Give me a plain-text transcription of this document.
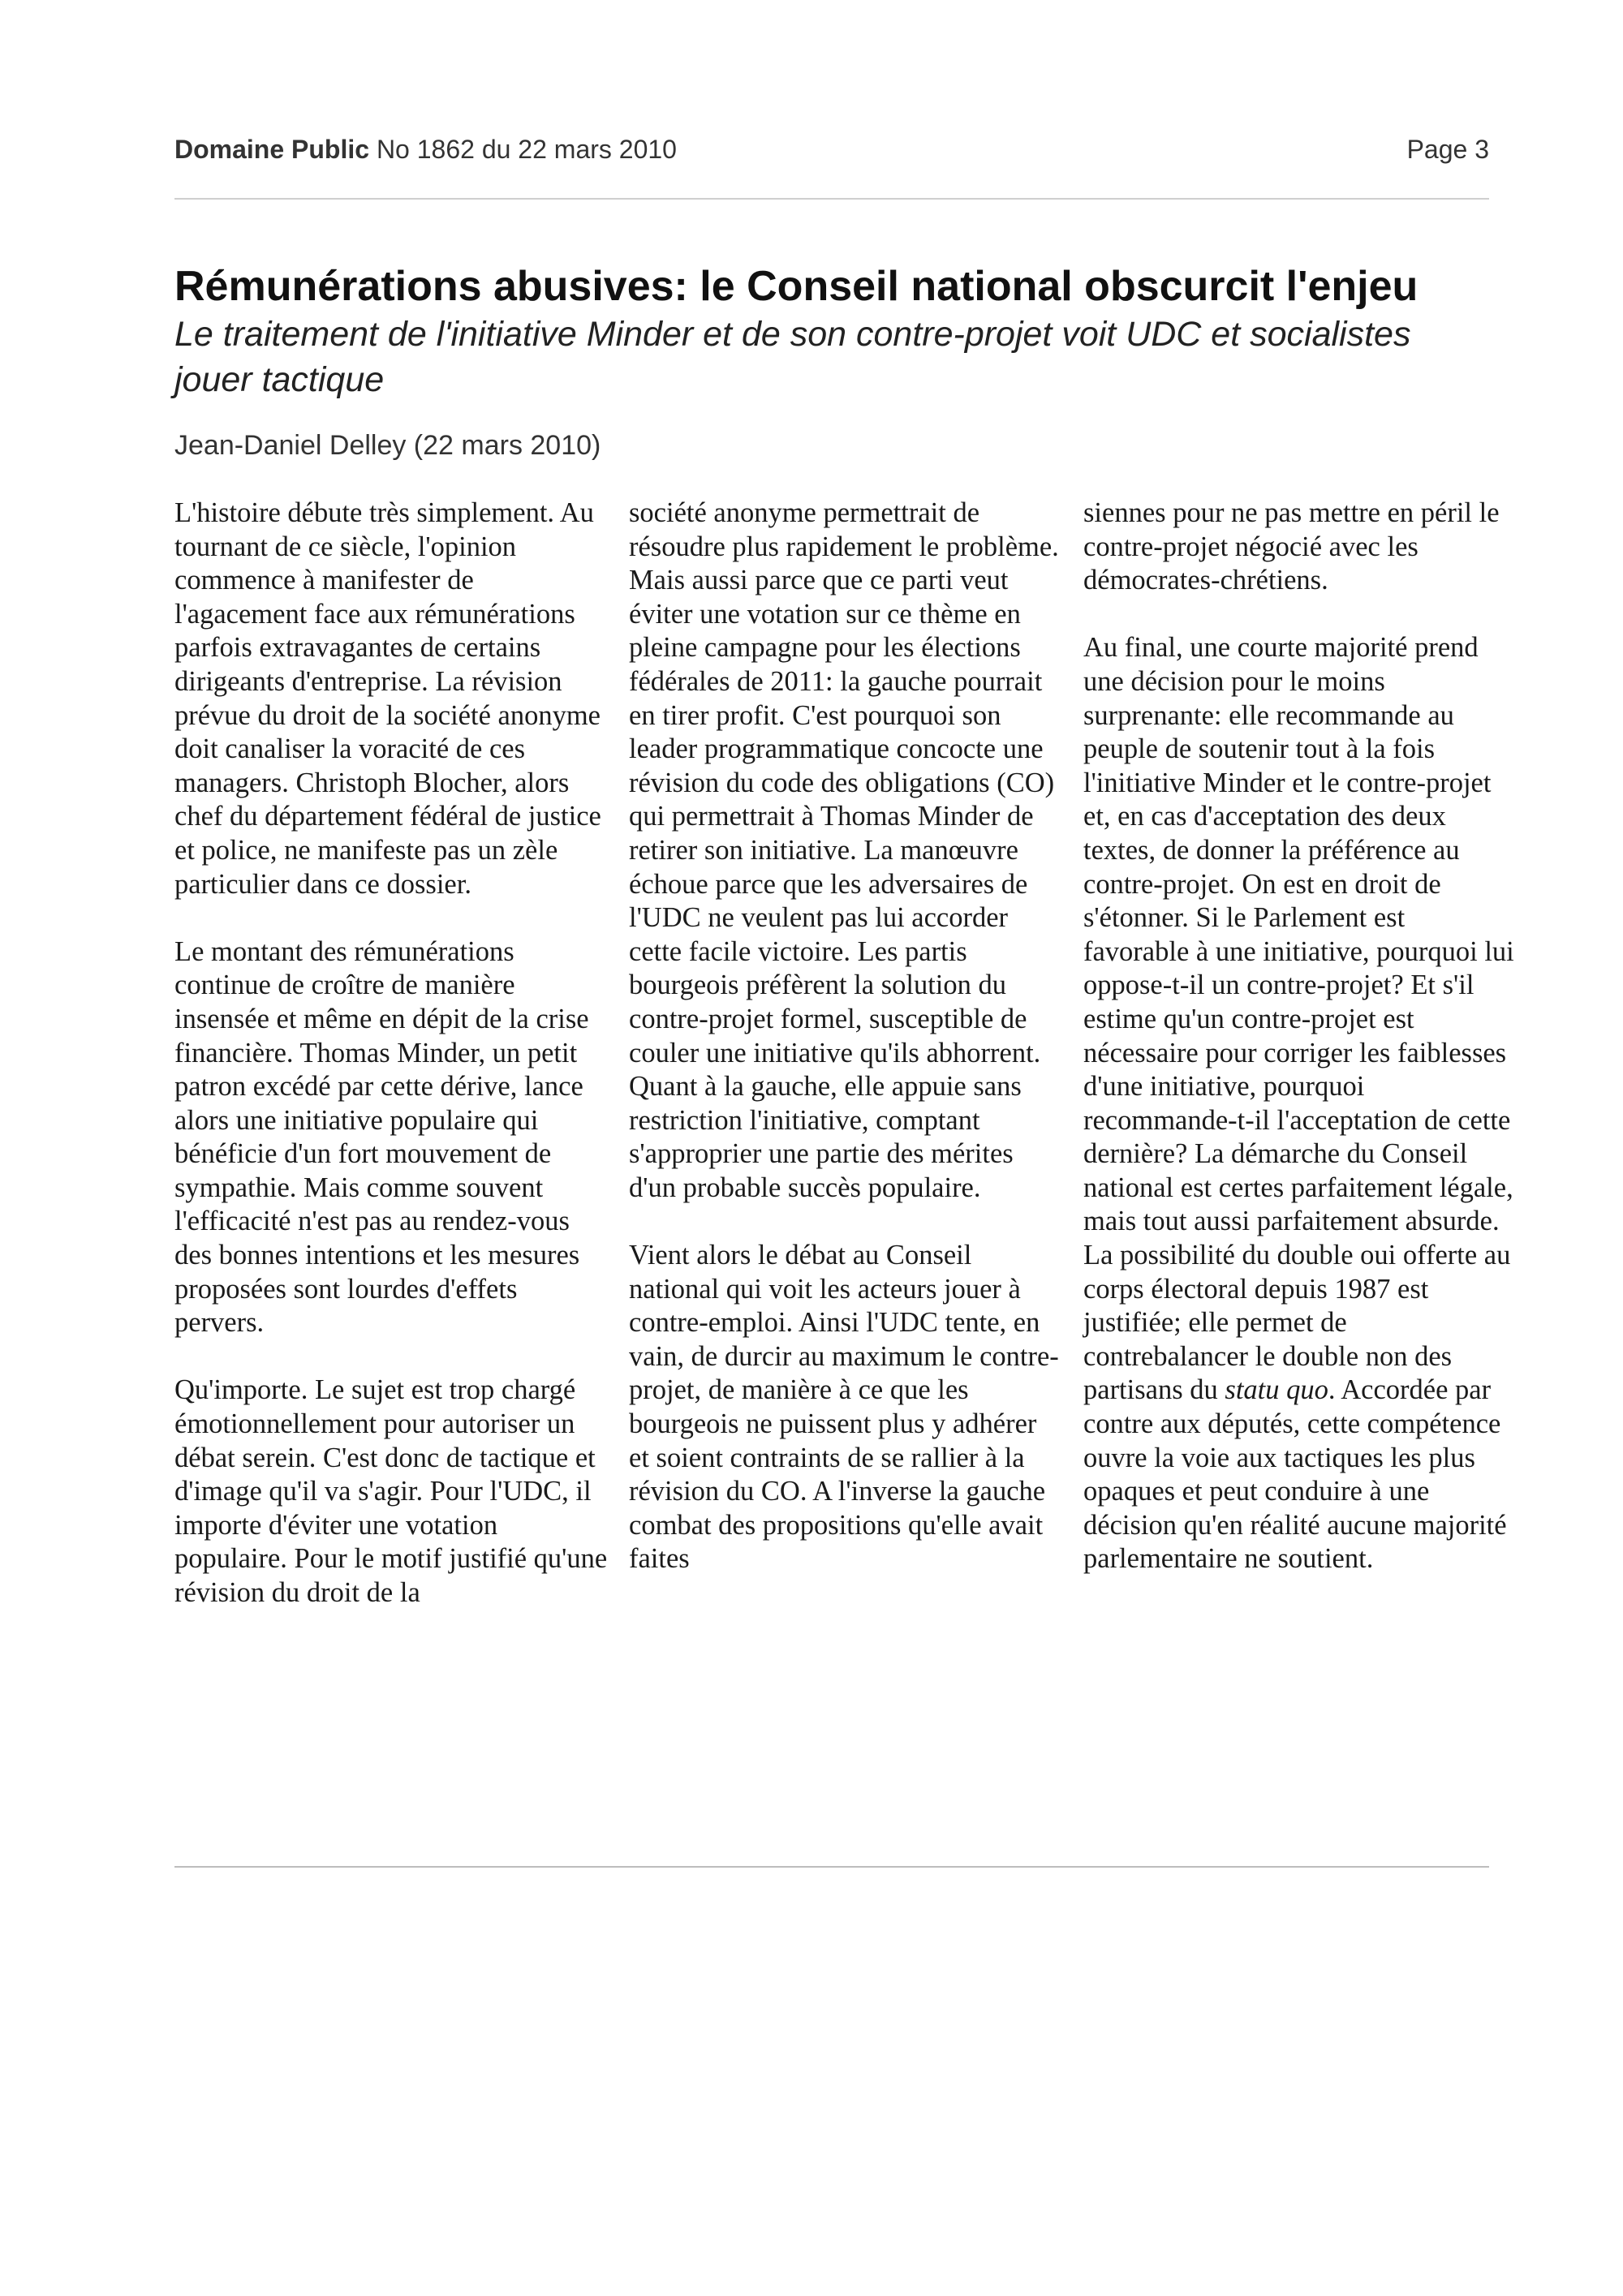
Domaine Public No 1862 du 22 mars 2010	Page 3
Rémunérations abusives: le Conseil national obscurcit l'enjeu
Le traitement de l'initiative Minder et de son contre-projet voit UDC et socialistes jouer tactique
Jean-Daniel Delley (22 mars 2010)

L'histoire débute très simplement. Au tournant de ce siècle, l'opinion commence à manifester de l'agacement face aux rémunérations parfois extravagantes de certains dirigeants d'entreprise. La révision prévue du droit de la société anonyme doit canaliser la voracité de ces managers. Christoph Blocher, alors chef du département fédéral de justice et police, ne manifeste pas un zèle particulier dans ce dossier.

Le montant des rémunérations continue de croître de manière insensée et même en dépit de la crise financière. Thomas Minder, un petit patron excédé par cette dérive, lance alors une initiative populaire qui bénéficie d'un fort mouvement de sympathie. Mais comme souvent l'efficacité n'est pas au rendez-vous des bonnes intentions et les mesures proposées sont lourdes d'effets pervers.

Qu'importe. Le sujet est trop chargé émotionnellement pour autoriser un débat serein. C'est donc de tactique et d'image qu'il va s'agir. Pour l'UDC, il importe d'éviter une votation populaire. Pour le motif justifié qu'une révision du droit de la

société anonyme permettrait de résoudre plus rapidement le problème. Mais aussi parce que ce parti veut éviter une votation sur ce thème en pleine campagne pour les élections fédérales de 2011: la gauche pourrait en tirer profit. C'est pourquoi son leader programmatique concocte une révision du code des obligations (CO) qui permettrait à Thomas Minder de retirer son initiative. La manœuvre échoue parce que les adversaires de l'UDC ne veulent pas lui accorder cette facile victoire. Les partis bourgeois préfèrent la solution du contre-projet formel, susceptible de couler une initiative qu'ils abhorrent. Quant à la gauche, elle appuie sans restriction l'initiative, comptant s'approprier une partie des mérites d'un probable succès populaire.

Vient alors le débat au Conseil national qui voit les acteurs jouer à contre-emploi. Ainsi l'UDC tente, en vain, de durcir au maximum le contre-projet, de manière à ce que les bourgeois ne puissent plus y adhérer et soient contraints de se rallier à la révision du CO. A l'inverse la gauche combat des propositions qu'elle avait faites

siennes pour ne pas mettre en péril le contre-projet négocié avec les démocrates-chrétiens.

Au final, une courte majorité prend une décision pour le moins surprenante: elle recommande au peuple de soutenir tout à la fois l'initiative Minder et le contre-projet et, en cas d'acceptation des deux textes, de donner la préférence au contre-projet. On est en droit de s'étonner. Si le Parlement est favorable à une initiative, pourquoi lui oppose-t-il un contre-projet? Et s'il estime qu'un contre-projet est nécessaire pour corriger les faiblesses d'une initiative, pourquoi recommande-t-il l'acceptation de cette dernière? La démarche du Conseil national est certes parfaitement légale, mais tout aussi parfaitement absurde. La possibilité du double oui offerte au corps électoral depuis 1987 est justifiée; elle permet de contrebalancer le double non des partisans du statu quo. Accordée par contre aux députés, cette compétence ouvre la voie aux tactiques les plus opaques et peut conduire à une décision qu'en réalité aucune majorité parlementaire ne soutient.
